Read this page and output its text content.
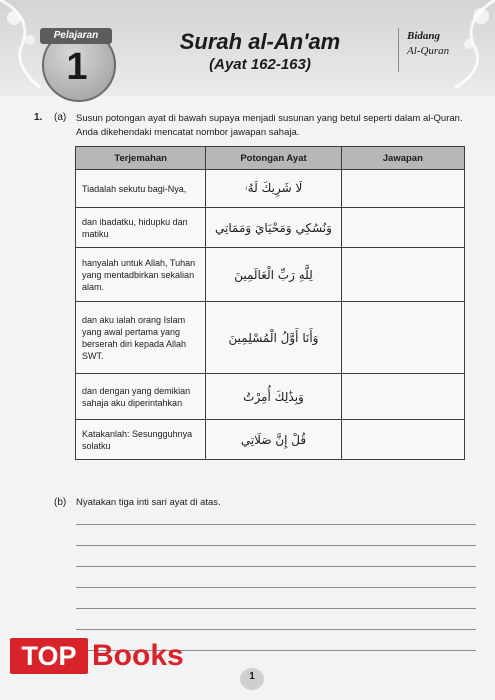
Pelajaran
1
Surah al-An'am
(Ayat 162-163)
Bidang
Al-Quran
1. (a) Susun potongan ayat di bawah supaya menjadi susunan yang betul seperti dalam al-Quran. Anda dikehendaki mencatat nombor jawapan sahaja.
Terjemahan	Potongan Ayat	Jawapan
Tiadalah sekutu bagi-Nya,	لَا شَرِيكَ لَهُۥ	
dan ibadatku, hidupku dan matiku	وَنُسُكِي وَمَحْيَايَ وَمَمَاتِي	
hanyalah untuk Allah, Tuhan yang mentadbirkan sekalian alam.	لِلَّهِ رَبِّ الْعَالَمِينَ	
dan aku ialah orang Islam yang awal pertama yang berserah diri kepada Allah SWT.	وَأَنَا أَوَّلُ الْمُسْلِمِينَ	
dan dengan yang demikian sahaja aku diperintahkan	وَبِذَٰلِكَ أُمِرْتُ	
Katakanlah: Sesungguhnya solatku	قُلْ إِنَّ صَلَاتِي	
(b) Nyatakan tiga inti sari ayat di atas.
TOP Books
1
